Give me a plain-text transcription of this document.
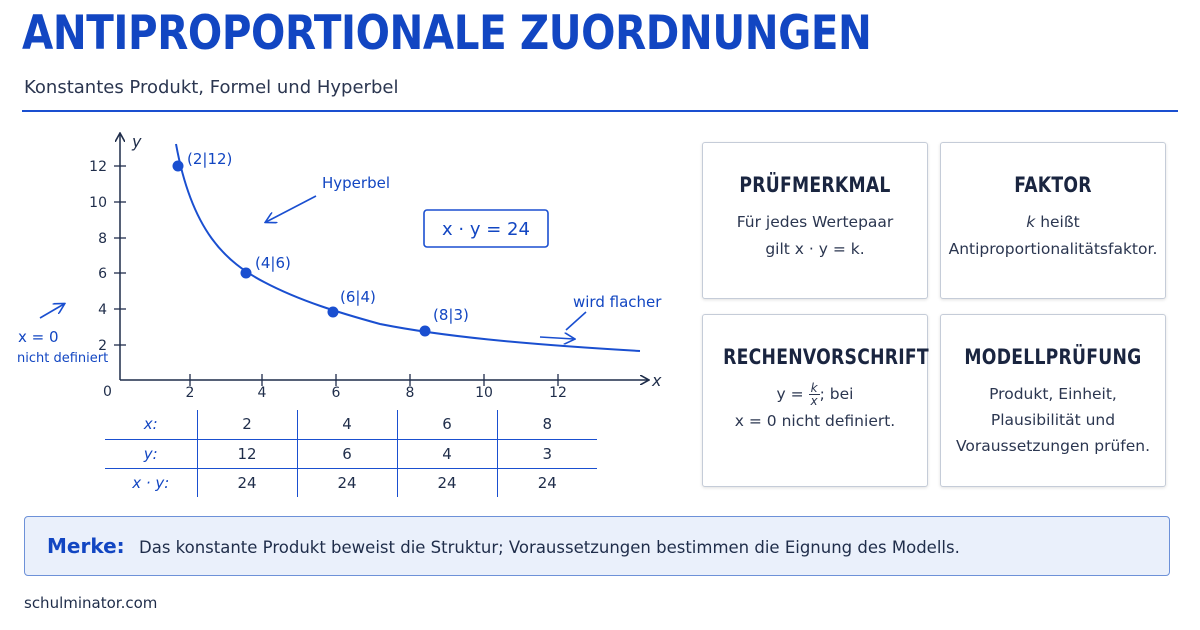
ANTIPROPORTIONALE ZUORDNUNGEN
Konstantes Produkt, Formel und Hyperbel
y
x
0
12
10
8
6
4
2
2	4	6	8	10	12
(2|12)
(4|6)
(6|4)
(8|3)
Hyperbel
x · y = 24
wird flacher
x = 0
nicht definiert
x:	2	4	6	8
y:	12	6	4	3
x · y:	24	24	24	24
PRÜFMERKMAL

Für jedes Wertepaar
gilt x · y = k.

FAKTOR

k heißt
Antiproportionalitätsfaktor.

RECHENVORSCHRIFT

$y = \frac{k}{x}$ ; bei
x = 0 nicht definiert.

MODELLPRÜFUNG

Produkt, Einheit,
Plausibilität und
Voraussetzungen prüfen.

Merke: Das konstante Produkt beweist die Struktur; Voraussetzungen bestimmen die Eignung des Modells.
schulminator.com
